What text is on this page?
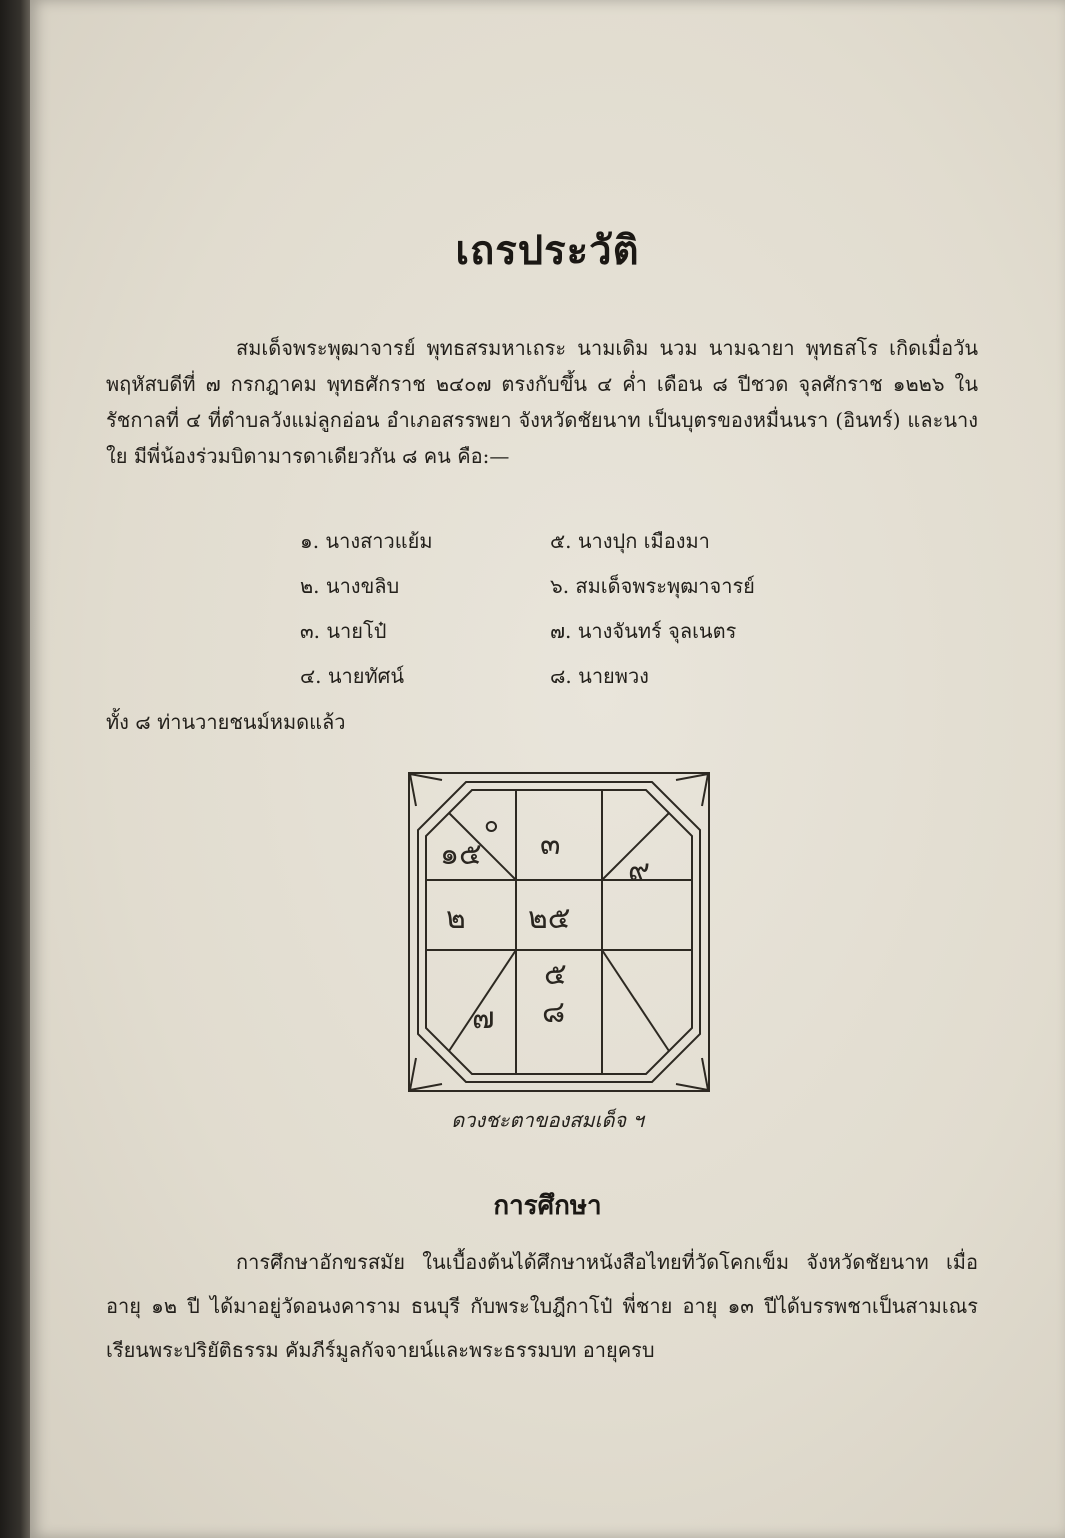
เถรประวัติ

สมเด็จพระพุฒาจารย์ พุทธสรมหาเถระ นามเดิม นวม นามฉายา พุทธสโร เกิดเมื่อวันพฤหัสบดีที่ ๗ กรกฎาคม พุทธศักราช ๒๔๐๗ ตรงกับขึ้น ๔ ค่ำ เดือน ๘ ปีชวด จุลศักราช ๑๒๒๖ ในรัชกาลที่ ๔ ที่ตำบลวังแม่ลูกอ่อน อำเภอสรรพยา จังหวัดชัยนาท เป็นบุตรของหมื่นนรา (อินทร์) และนางใย มีพี่น้องร่วมบิดามารดาเดียวกัน ๘ คน คือ:—

๑. นางสาวแย้ม	๕. นางปุก เมืองมา
๒. นางขลิบ	๖. สมเด็จพระพุฒาจารย์
๓. นายโป๋	๗. นางจันทร์ จุลเนตร
๔. นายทัศน์	๘. นายพวง

ทั้ง ๘ ท่านวายชนม์หมดแล้ว

๑๕
๐
๓
๙
๒ ๒๕
๗
๕
๘
ดวงชะตาของสมเด็จ ฯ
การศึกษา

การศึกษาอักขรสมัย ในเบื้องต้นได้ศึกษาหนังสือไทยที่วัดโคกเข็ม จังหวัดชัยนาท เมื่ออายุ ๑๒ ปี ได้มาอยู่วัดอนงคาราม ธนบุรี กับพระใบฎีกาโป๋ พี่ชาย อายุ ๑๓ ปีได้บรรพชาเป็นสามเณร เรียนพระปริยัติธรรม คัมภีร์มูลกัจจายน์และพระธรรมบท อายุครบ
